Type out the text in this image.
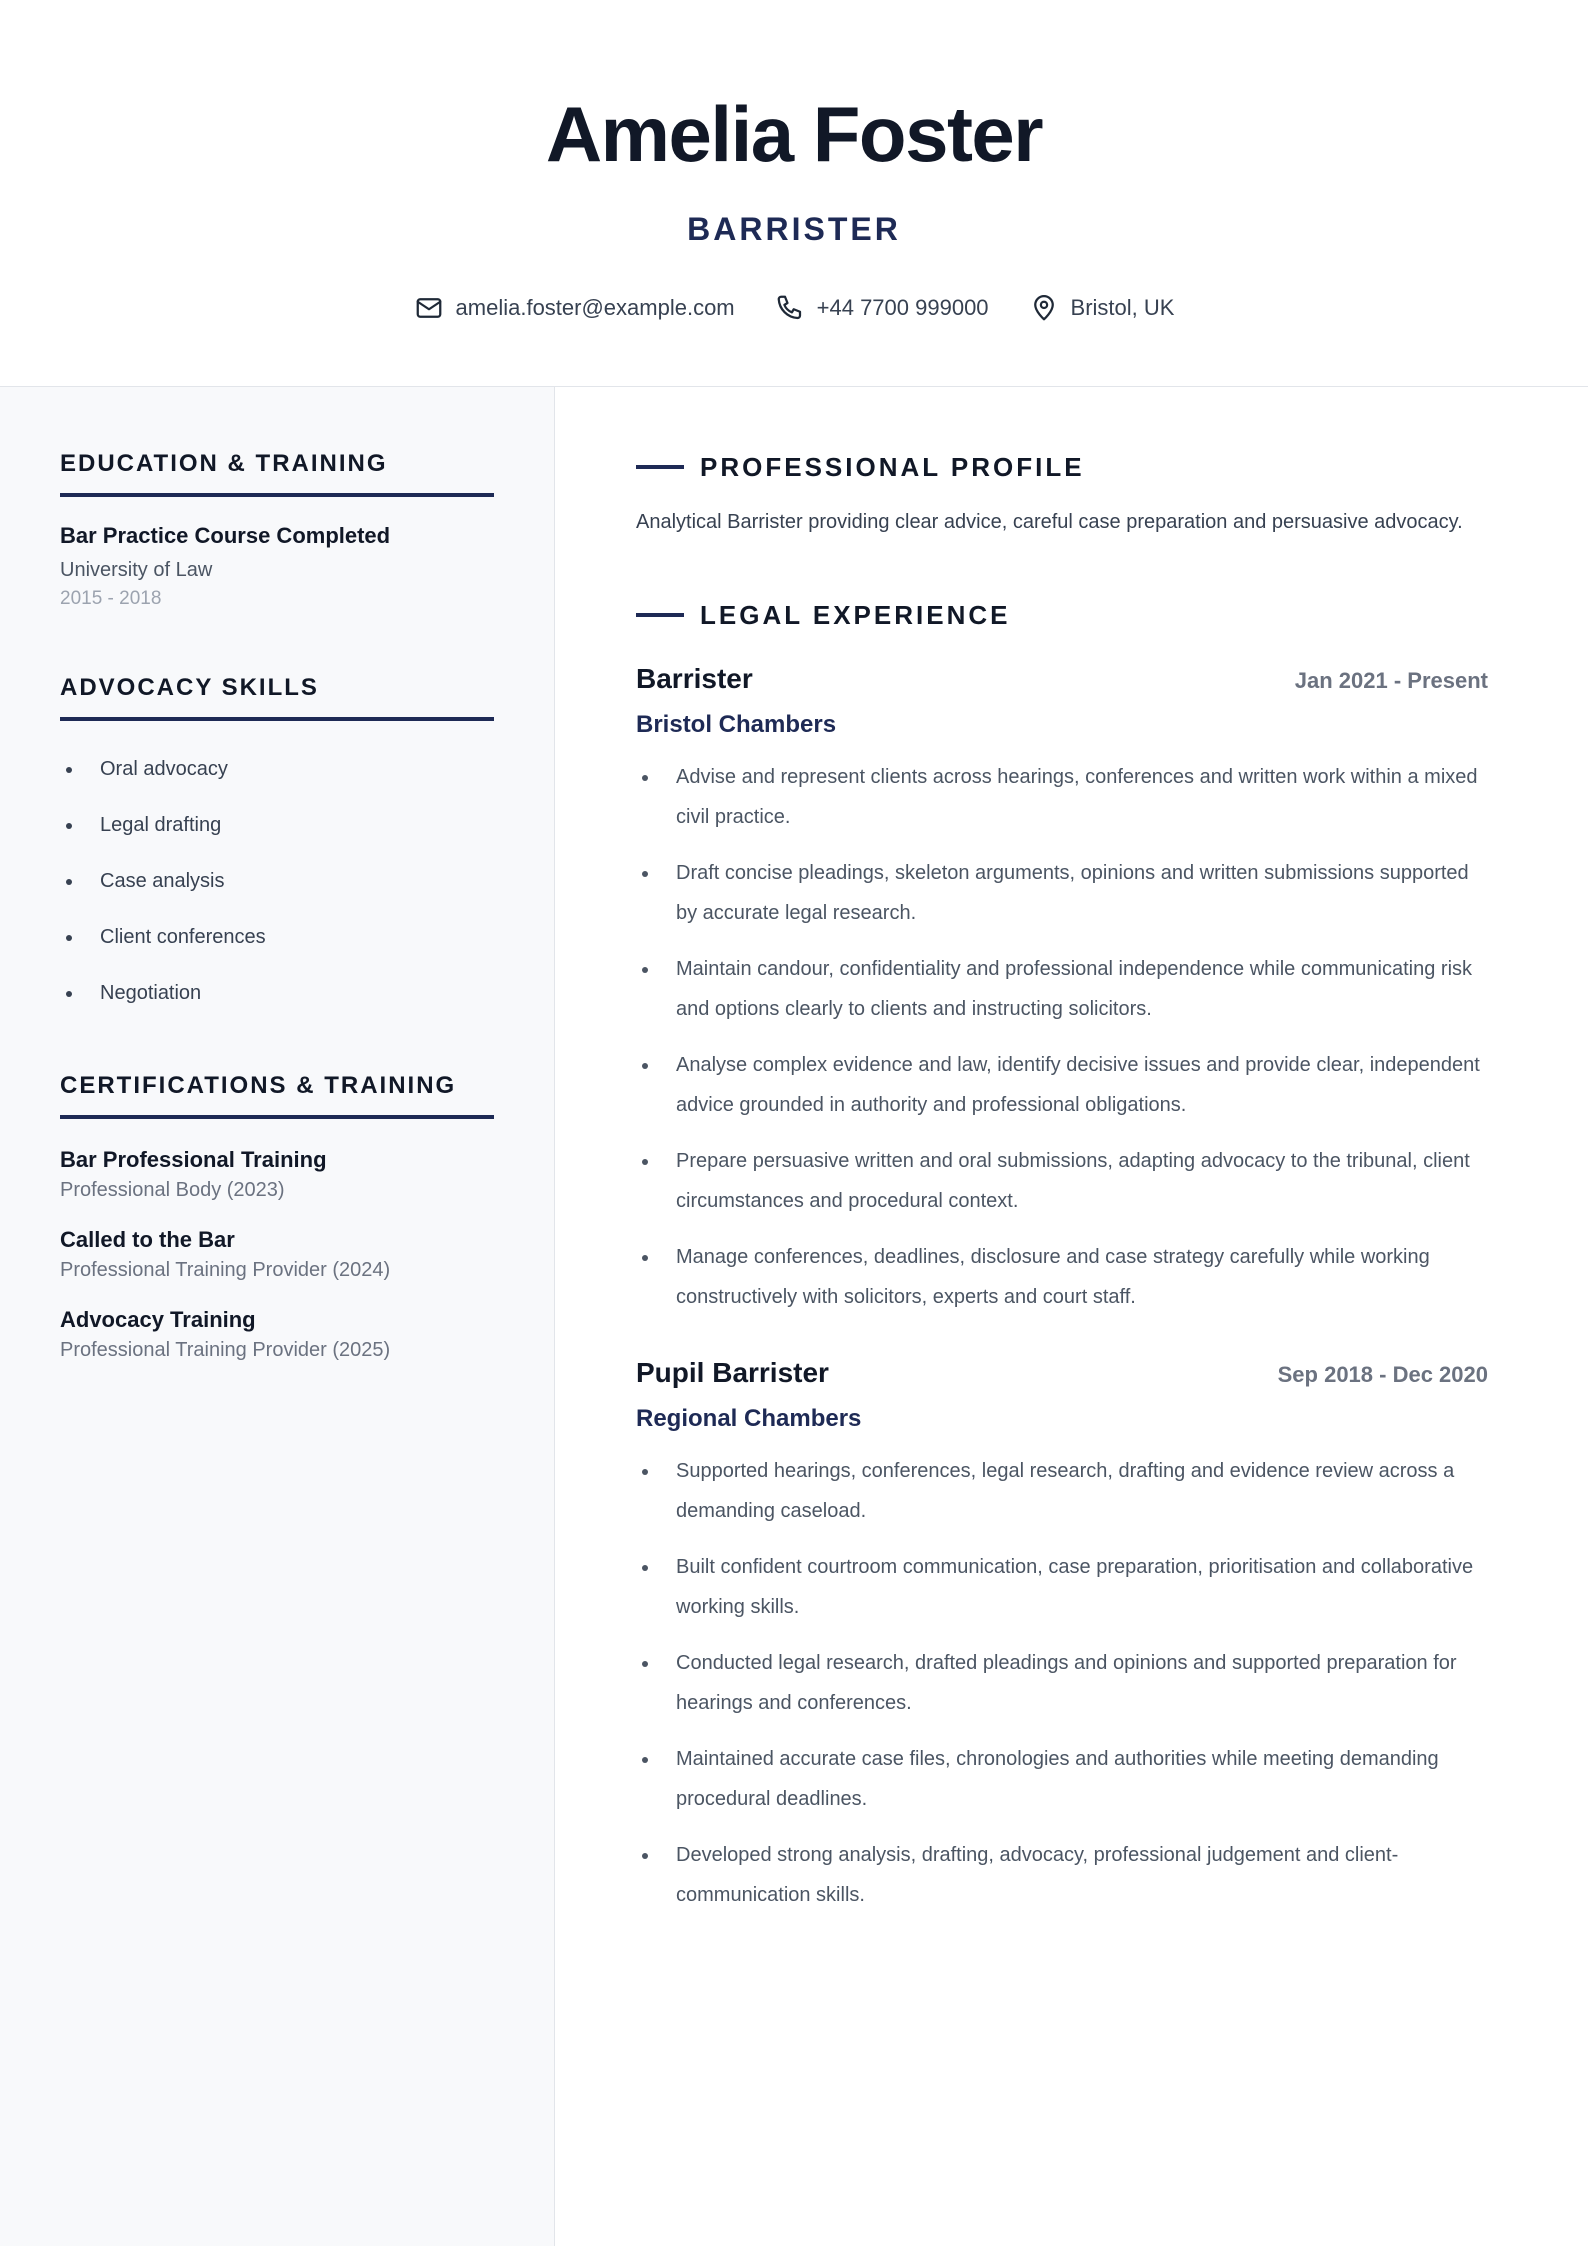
Amelia Foster
BARRISTER
amelia.foster@example.com	+44 7700 999000	Bristol, UK
EDUCATION & TRAINING
Bar Practice Course Completed
University of Law
2015 - 2018
ADVOCACY SKILLS
Oral advocacy
Legal drafting
Case analysis
Client conferences
Negotiation
CERTIFICATIONS & TRAINING
Bar Professional Training
Professional Body (2023)
Called to the Bar
Professional Training Provider (2024)
Advocacy Training
Professional Training Provider (2025)
PROFESSIONAL PROFILE
Analytical Barrister providing clear advice, careful case preparation and persuasive advocacy.
LEGAL EXPERIENCE
Barrister	Jan 2021 - Present
Bristol Chambers
Advise and represent clients across hearings, conferences and written work within a mixed civil practice.
Draft concise pleadings, skeleton arguments, opinions and written submissions supported by accurate legal research.
Maintain candour, confidentiality and professional independence while communicating risk and options clearly to clients and instructing solicitors.
Analyse complex evidence and law, identify decisive issues and provide clear, independent advice grounded in authority and professional obligations.
Prepare persuasive written and oral submissions, adapting advocacy to the tribunal, client circumstances and procedural context.
Manage conferences, deadlines, disclosure and case strategy carefully while working constructively with solicitors, experts and court staff.
Pupil Barrister	Sep 2018 - Dec 2020
Regional Chambers
Supported hearings, conferences, legal research, drafting and evidence review across a demanding caseload.
Built confident courtroom communication, case preparation, prioritisation and collaborative working skills.
Conducted legal research, drafted pleadings and opinions and supported preparation for hearings and conferences.
Maintained accurate case files, chronologies and authorities while meeting demanding procedural deadlines.
Developed strong analysis, drafting, advocacy, professional judgement and client-communication skills.
